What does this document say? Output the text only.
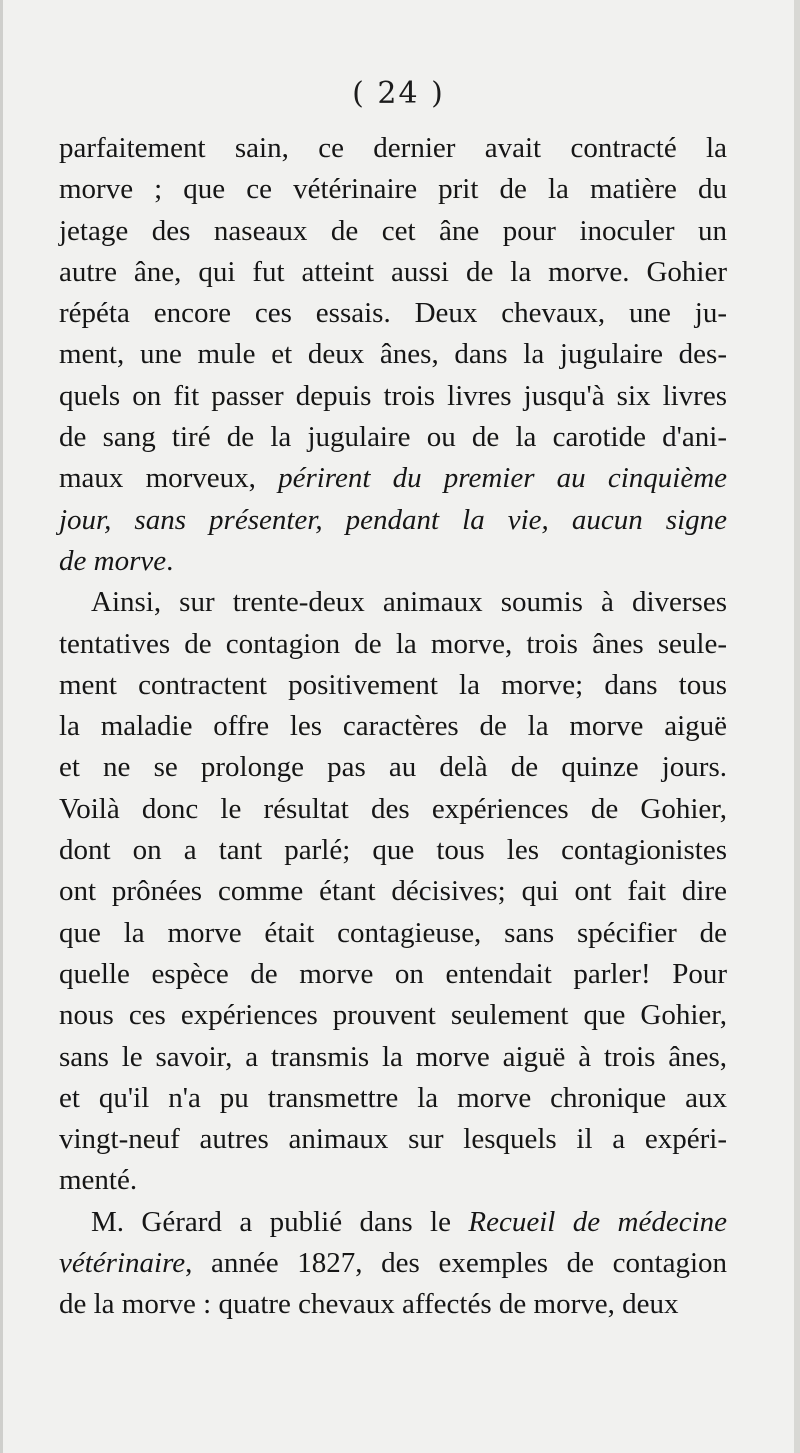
( 24 )
parfaitement sain, ce dernier avait contracté la
morve ; que ce vétérinaire prit de la matière du
jetage des naseaux de cet âne pour inoculer un
autre âne, qui fut atteint aussi de la morve. Gohier
répéta encore ces essais. Deux chevaux, une ju-
ment, une mule et deux ânes, dans la jugulaire des-
quels on fit passer depuis trois livres jusqu'à six livres
de sang tiré de la jugulaire ou de la carotide d'ani-
maux morveux, périrent du premier au cinquième
jour, sans présenter, pendant la vie, aucun signe
de morve.
Ainsi, sur trente-deux animaux soumis à diverses
tentatives de contagion de la morve, trois ânes seule-
ment contractent positivement la morve; dans tous
la maladie offre les caractères de la morve aiguë
et ne se prolonge pas au delà de quinze jours.
Voilà donc le résultat des expériences de Gohier,
dont on a tant parlé; que tous les contagionistes
ont prônées comme étant décisives; qui ont fait dire
que la morve était contagieuse, sans spécifier de
quelle espèce de morve on entendait parler! Pour
nous ces expériences prouvent seulement que Gohier,
sans le savoir, a transmis la morve aiguë à trois ânes,
et qu'il n'a pu transmettre la morve chronique aux
vingt-neuf autres animaux sur lesquels il a expéri-
menté.
M. Gérard a publié dans le Recueil de médecine
vétérinaire, année 1827, des exemples de contagion
de la morve : quatre chevaux affectés de morve, deux
